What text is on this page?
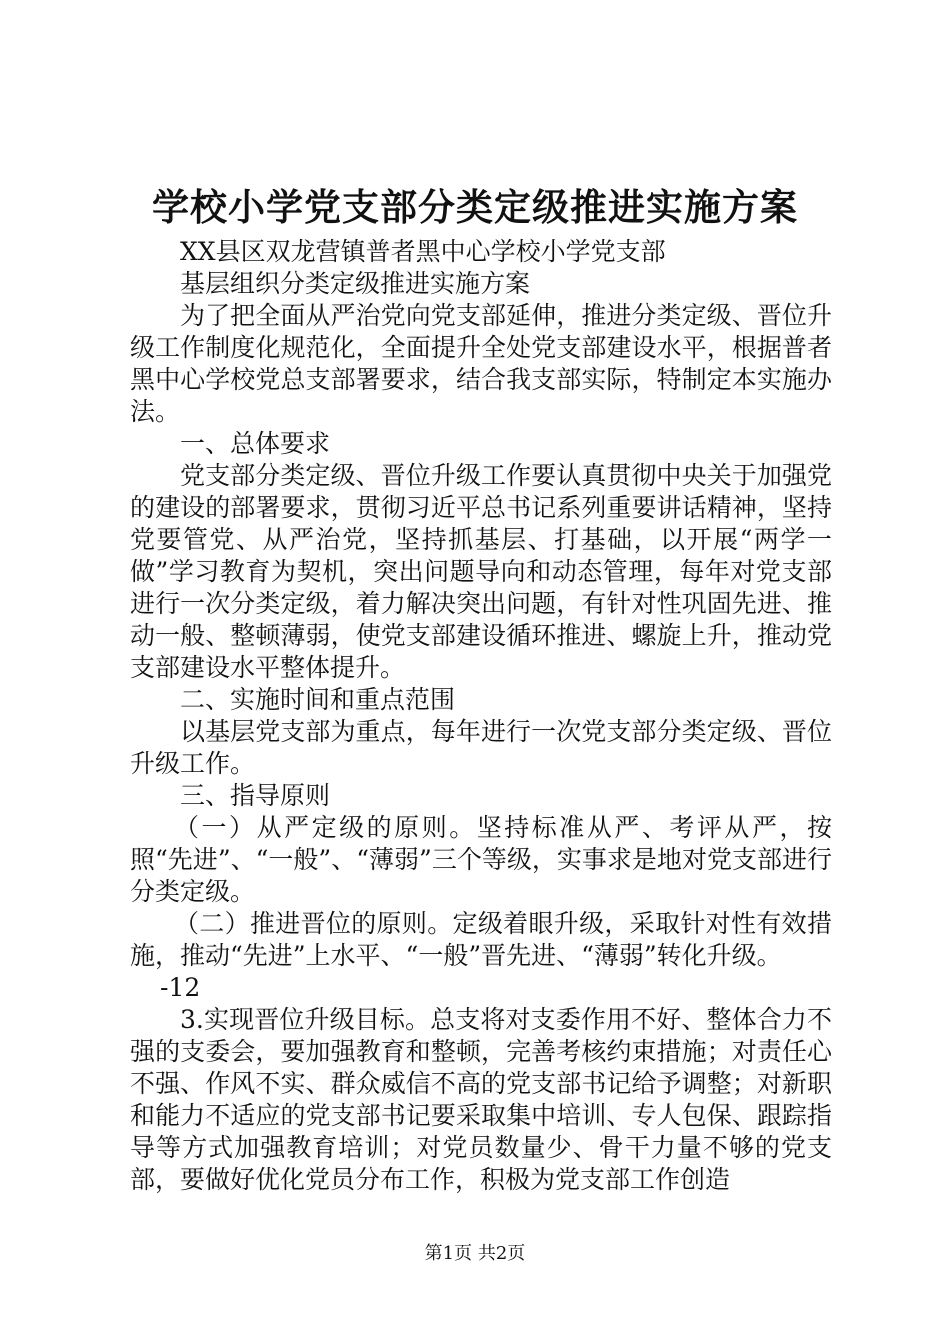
学校小学党支部分类定级推进实施方案

XX县区双龙营镇普者黑中心学校小学党支部

基层组织分类定级推进实施方案

为了把全面从严治党向党支部延伸，推进分类定级、晋位升级工作制度化规范化，全面提升全处党支部建设水平，根据普者黑中心学校党总支部署要求，结合我支部实际，特制定本实施办法。

一、总体要求

党支部分类定级、晋位升级工作要认真贯彻中央关于加强党的建设的部署要求，贯彻习近平总书记系列重要讲话精神，坚持党要管党、从严治党，坚持抓基层、打基础，以开展“两学一做”学习教育为契机，突出问题导向和动态管理，每年对党支部进行一次分类定级，着力解决突出问题，有针对性巩固先进、推动一般、整顿薄弱，使党支部建设循环推进、螺旋上升，推动党支部建设水平整体提升。

二、实施时间和重点范围

以基层党支部为重点，每年进行一次党支部分类定级、晋位升级工作。

三、指导原则

（一）从严定级的原则。坚持标准从严、考评从严，按照“先进”、“一般”、“薄弱”三个等级，实事求是地对党支部进行分类定级。

（二）推进晋位的原则。定级着眼升级，采取针对性有效措施，推动“先进”上水平、“一般”晋先进、“薄弱”转化升级。

-12

3.实现晋位升级目标。总支将对支委作用不好、整体合力不强的支委会，要加强教育和整顿，完善考核约束措施；对责任心不强、作风不实、群众威信不高的党支部书记给予调整；对新职和能力不适应的党支部书记要采取集中培训、专人包保、跟踪指导等方式加强教育培训；对党员数量少、骨干力量不够的党支部，要做好优化党员分布工作，积极为党支部工作创造

第1页 共2页
